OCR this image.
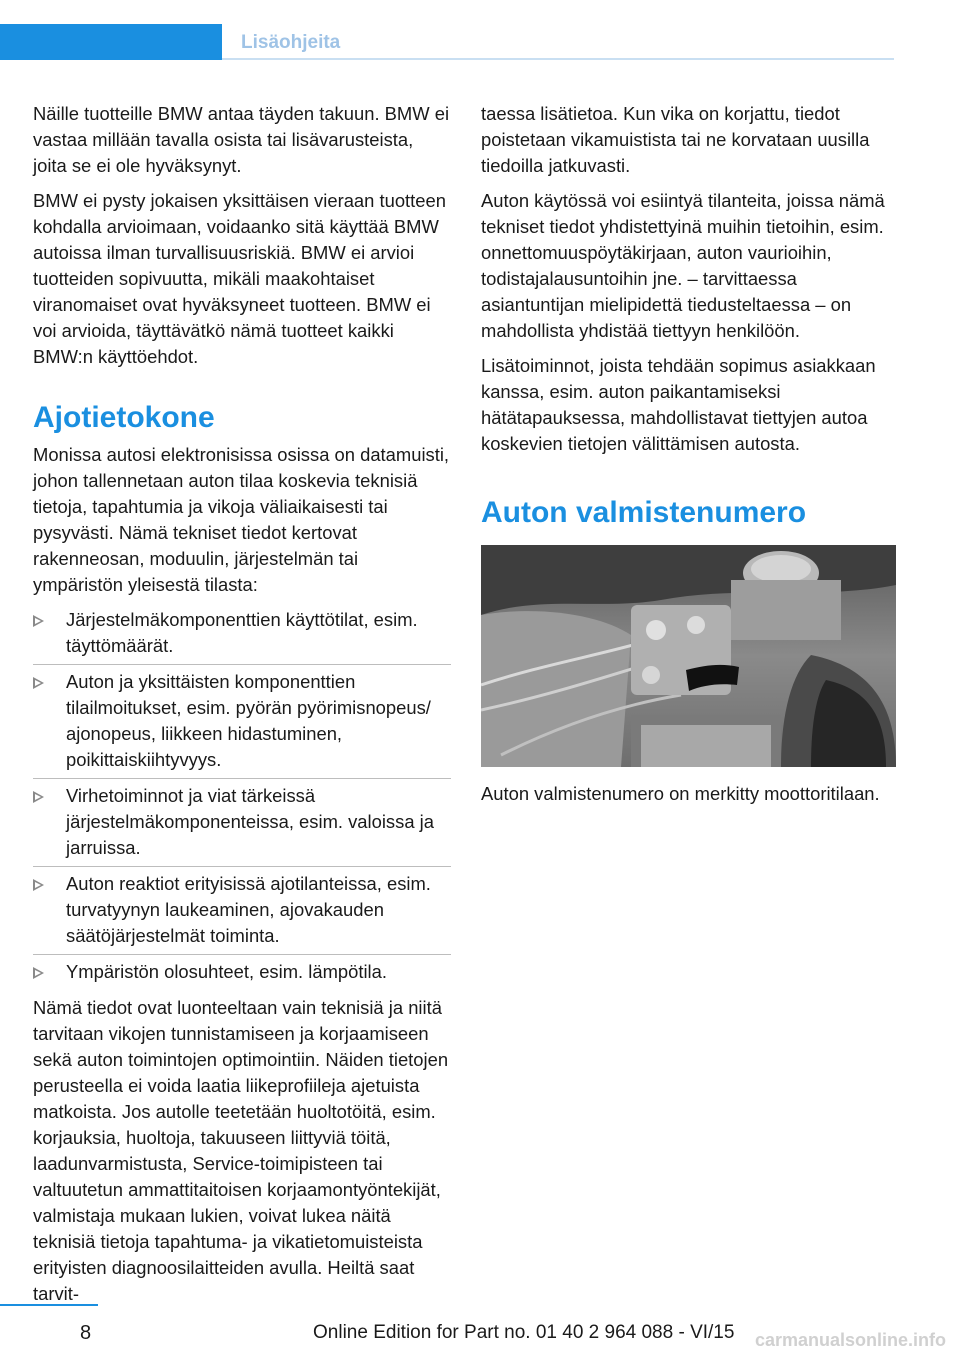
Lisäohjeita

Näille tuotteille BMW antaa täyden takuun. BMW ei vastaa millään tavalla osista tai lisävarusteista, joita se ei ole hyväksynyt.

BMW ei pysty jokaisen yksittäisen vieraan tuotteen kohdalla arvioimaan, voidaanko sitä käyttää BMW autoissa ilman turvallisuusriskiä. BMW ei arvioi tuotteiden sopivuutta, mikäli maakohtaiset viranomaiset ovat hyväksyneet tuotteen. BMW ei voi arvioida, täyttävätkö nämä tuotteet kaikki BMW:n käyttöehdot.

Ajotietokone

Monissa autosi elektronisissa osissa on datamuisti, johon tallennetaan auton tilaa koskevia teknisiä tietoja, tapahtumia ja vikoja väliaikaisesti tai pysyvästi. Nämä tekniset tiedot kertovat rakenneosan, moduulin, järjestelmän tai ympäristön yleisestä tilasta:

Järjestelmäkomponenttien käyttötilat, esim. täyttömäärät.
Auton ja yksittäisten komponenttien tilailmoitukset, esim. pyörän pyörimisnopeus/ ajonopeus, liikkeen hidastuminen, poikittaiskiihtyvyys.
Virhetoiminnot ja viat tärkeissä järjestelmäkomponenteissa, esim. valoissa ja jarruissa.
Auton reaktiot erityisissä ajotilanteissa, esim. turvatyynyn laukeaminen, ajovakauden säätöjärjestelmät toiminta.
Ympäristön olosuhteet, esim. lämpötila.

Nämä tiedot ovat luonteeltaan vain teknisiä ja niitä tarvitaan vikojen tunnistamiseen ja korjaamiseen sekä auton toimintojen optimointiin. Näiden tietojen perusteella ei voida laatia liikeprofiileja ajetuista matkoista. Jos autolle teetetään huoltotöitä, esim. korjauksia, huoltoja, takuuseen liittyviä töitä, laadunvarmistusta, Service-toimipisteen tai valtuutetun ammattitaitoisen korjaamontyöntekijät, valmistaja mukaan lukien, voivat lukea näitä teknisiä tietoja tapahtuma- ja vikatietomuisteista erityisten diagnoosilaitteiden avulla. Heiltä saat tarvit-

taessa lisätietoa. Kun vika on korjattu, tiedot poistetaan vikamuistista tai ne korvataan uusilla tiedoilla jatkuvasti.

Auton käytössä voi esiintyä tilanteita, joissa nämä tekniset tiedot yhdistettyinä muihin tietoihin, esim. onnettomuuspöytäkirjaan, auton vaurioihin, todistajalausuntoihin jne. – tarvittaessa asiantuntijan mielipidettä tiedusteltaessa – on mahdollista yhdistää tiettyyn henkilöön.

Lisätoiminnot, joista tehdään sopimus asiakkaan kanssa, esim. auton paikantamiseksi hätätapauksessa, mahdollistavat tiettyjen autoa koskevien tietojen välittämisen autosta.

Auton valmistenumero

Auton valmistenumero on merkitty moottoritilaan.

8	Online Edition for Part no. 01 40 2 964 088 - VI/15 carmanualsonline.info
